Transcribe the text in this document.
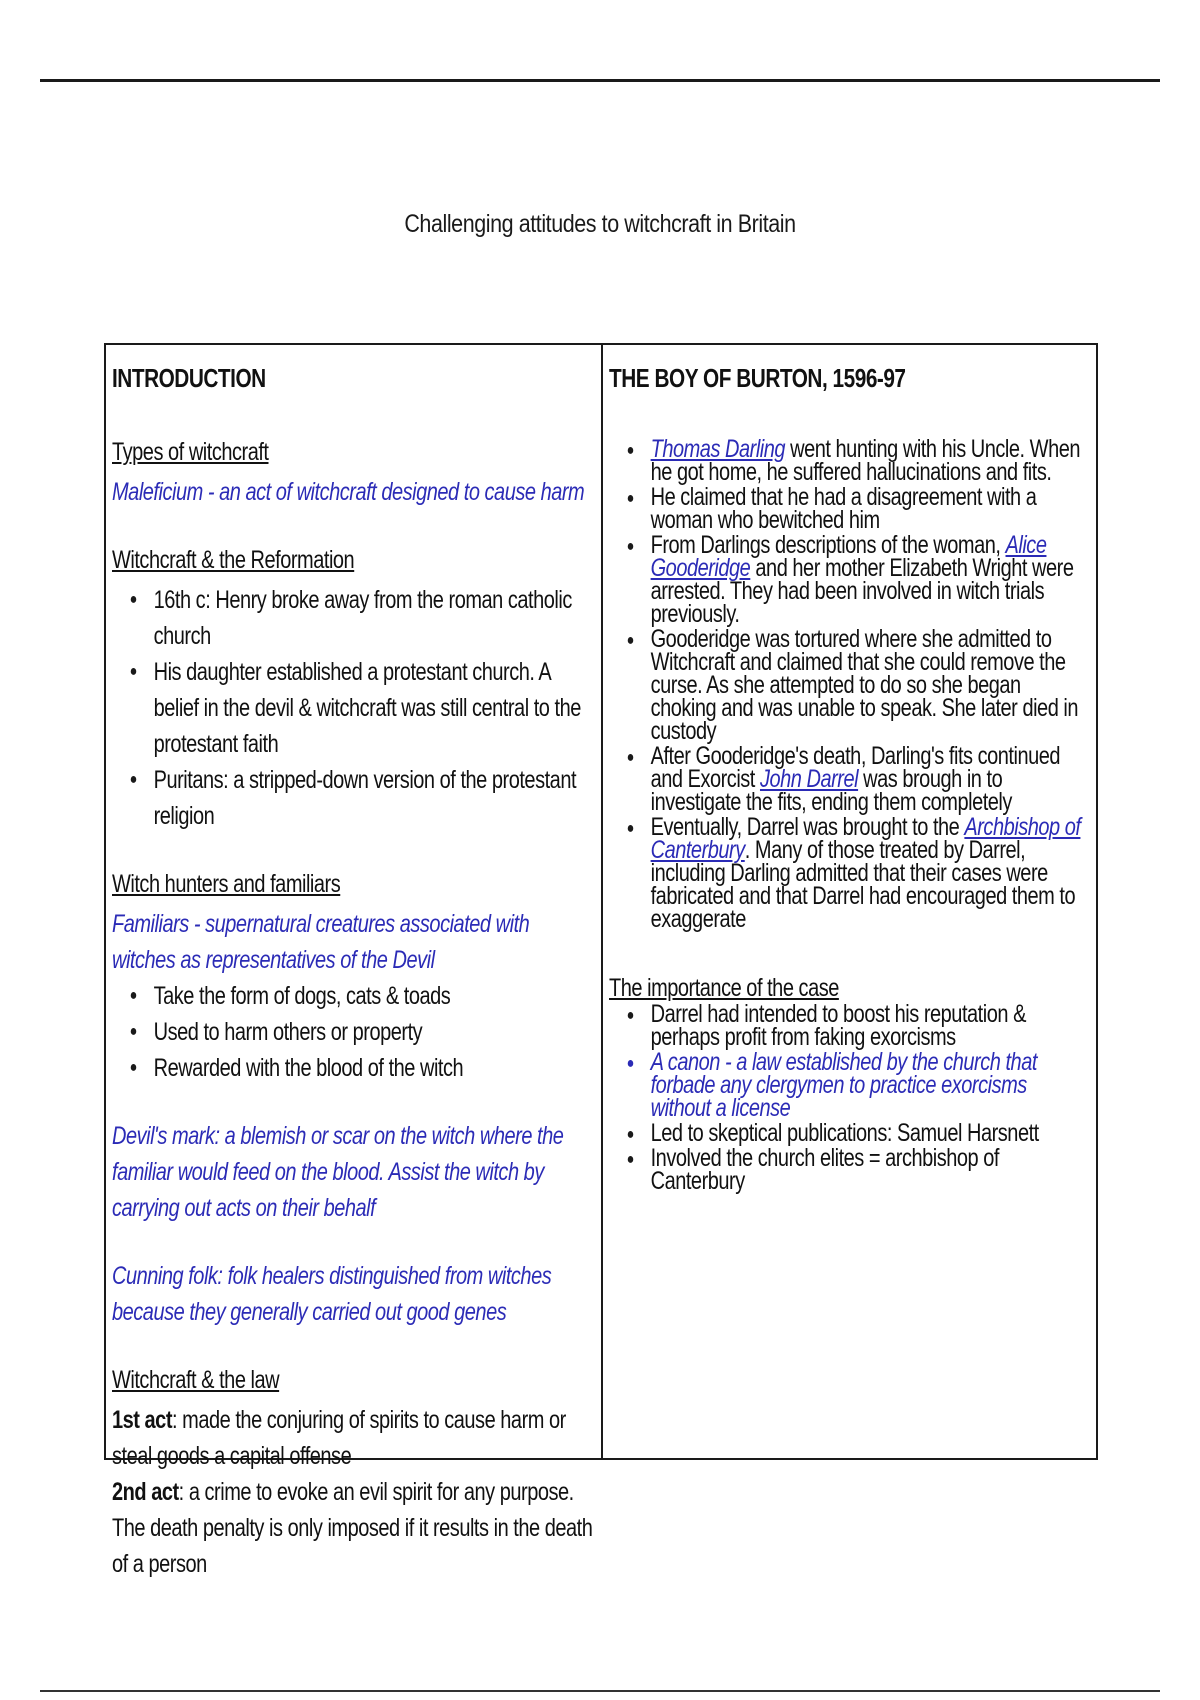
Challenging attitudes to witchcraft in Britain
INTRODUCTION
Types of witchcraft
Maleficium - an act of witchcraft designed to cause harm
Witchcraft & the Reformation
● 16th c: Henry broke away from the roman catholic church
● His daughter established a protestant church. A belief in the devil & witchcraft was still central to the protestant faith
● Puritans: a stripped-down version of the protestant religion
Witch hunters and familiars
Familiars - supernatural creatures associated with witches as representatives of the Devil
● Take the form of dogs, cats & toads
● Used to harm others or property
● Rewarded with the blood of the witch
Devil's mark: a blemish or scar on the witch where the familiar would feed on the blood. Assist the witch by carrying out acts on their behalf
Cunning folk: folk healers distinguished from witches because they generally carried out good genes
Witchcraft & the law
1st act: made the conjuring of spirits to cause harm or steal goods a capital offense
2nd act: a crime to evoke an evil spirit for any purpose. The death penalty is only imposed if it results in the death of a person
THE BOY OF BURTON, 1596-97
● Thomas Darling went hunting with his Uncle. When he got home, he suffered hallucinations and fits.
● He claimed that he had a disagreement with a woman who bewitched him
● From Darlings descriptions of the woman, Alice Gooderidge and her mother Elizabeth Wright were arrested. They had been involved in witch trials previously.
● Gooderidge was tortured where she admitted to Witchcraft and claimed that she could remove the curse. As she attempted to do so she began choking and was unable to speak. She later died in custody
● After Gooderidge's death, Darling's fits continued and Exorcist John Darrel was brough in to investigate the fits, ending them completely
● Eventually, Darrel was brought to the Archbishop of Canterbury. Many of those treated by Darrel, including Darling admitted that their cases were fabricated and that Darrel had encouraged them to exaggerate
The importance of the case
● Darrel had intended to boost his reputation & perhaps profit from faking exorcisms
● A canon - a law established by the church that forbade any clergymen to practice exorcisms without a license
● Led to skeptical publications: Samuel Harsnett
● Involved the church elites = archbishop of Canterbury
